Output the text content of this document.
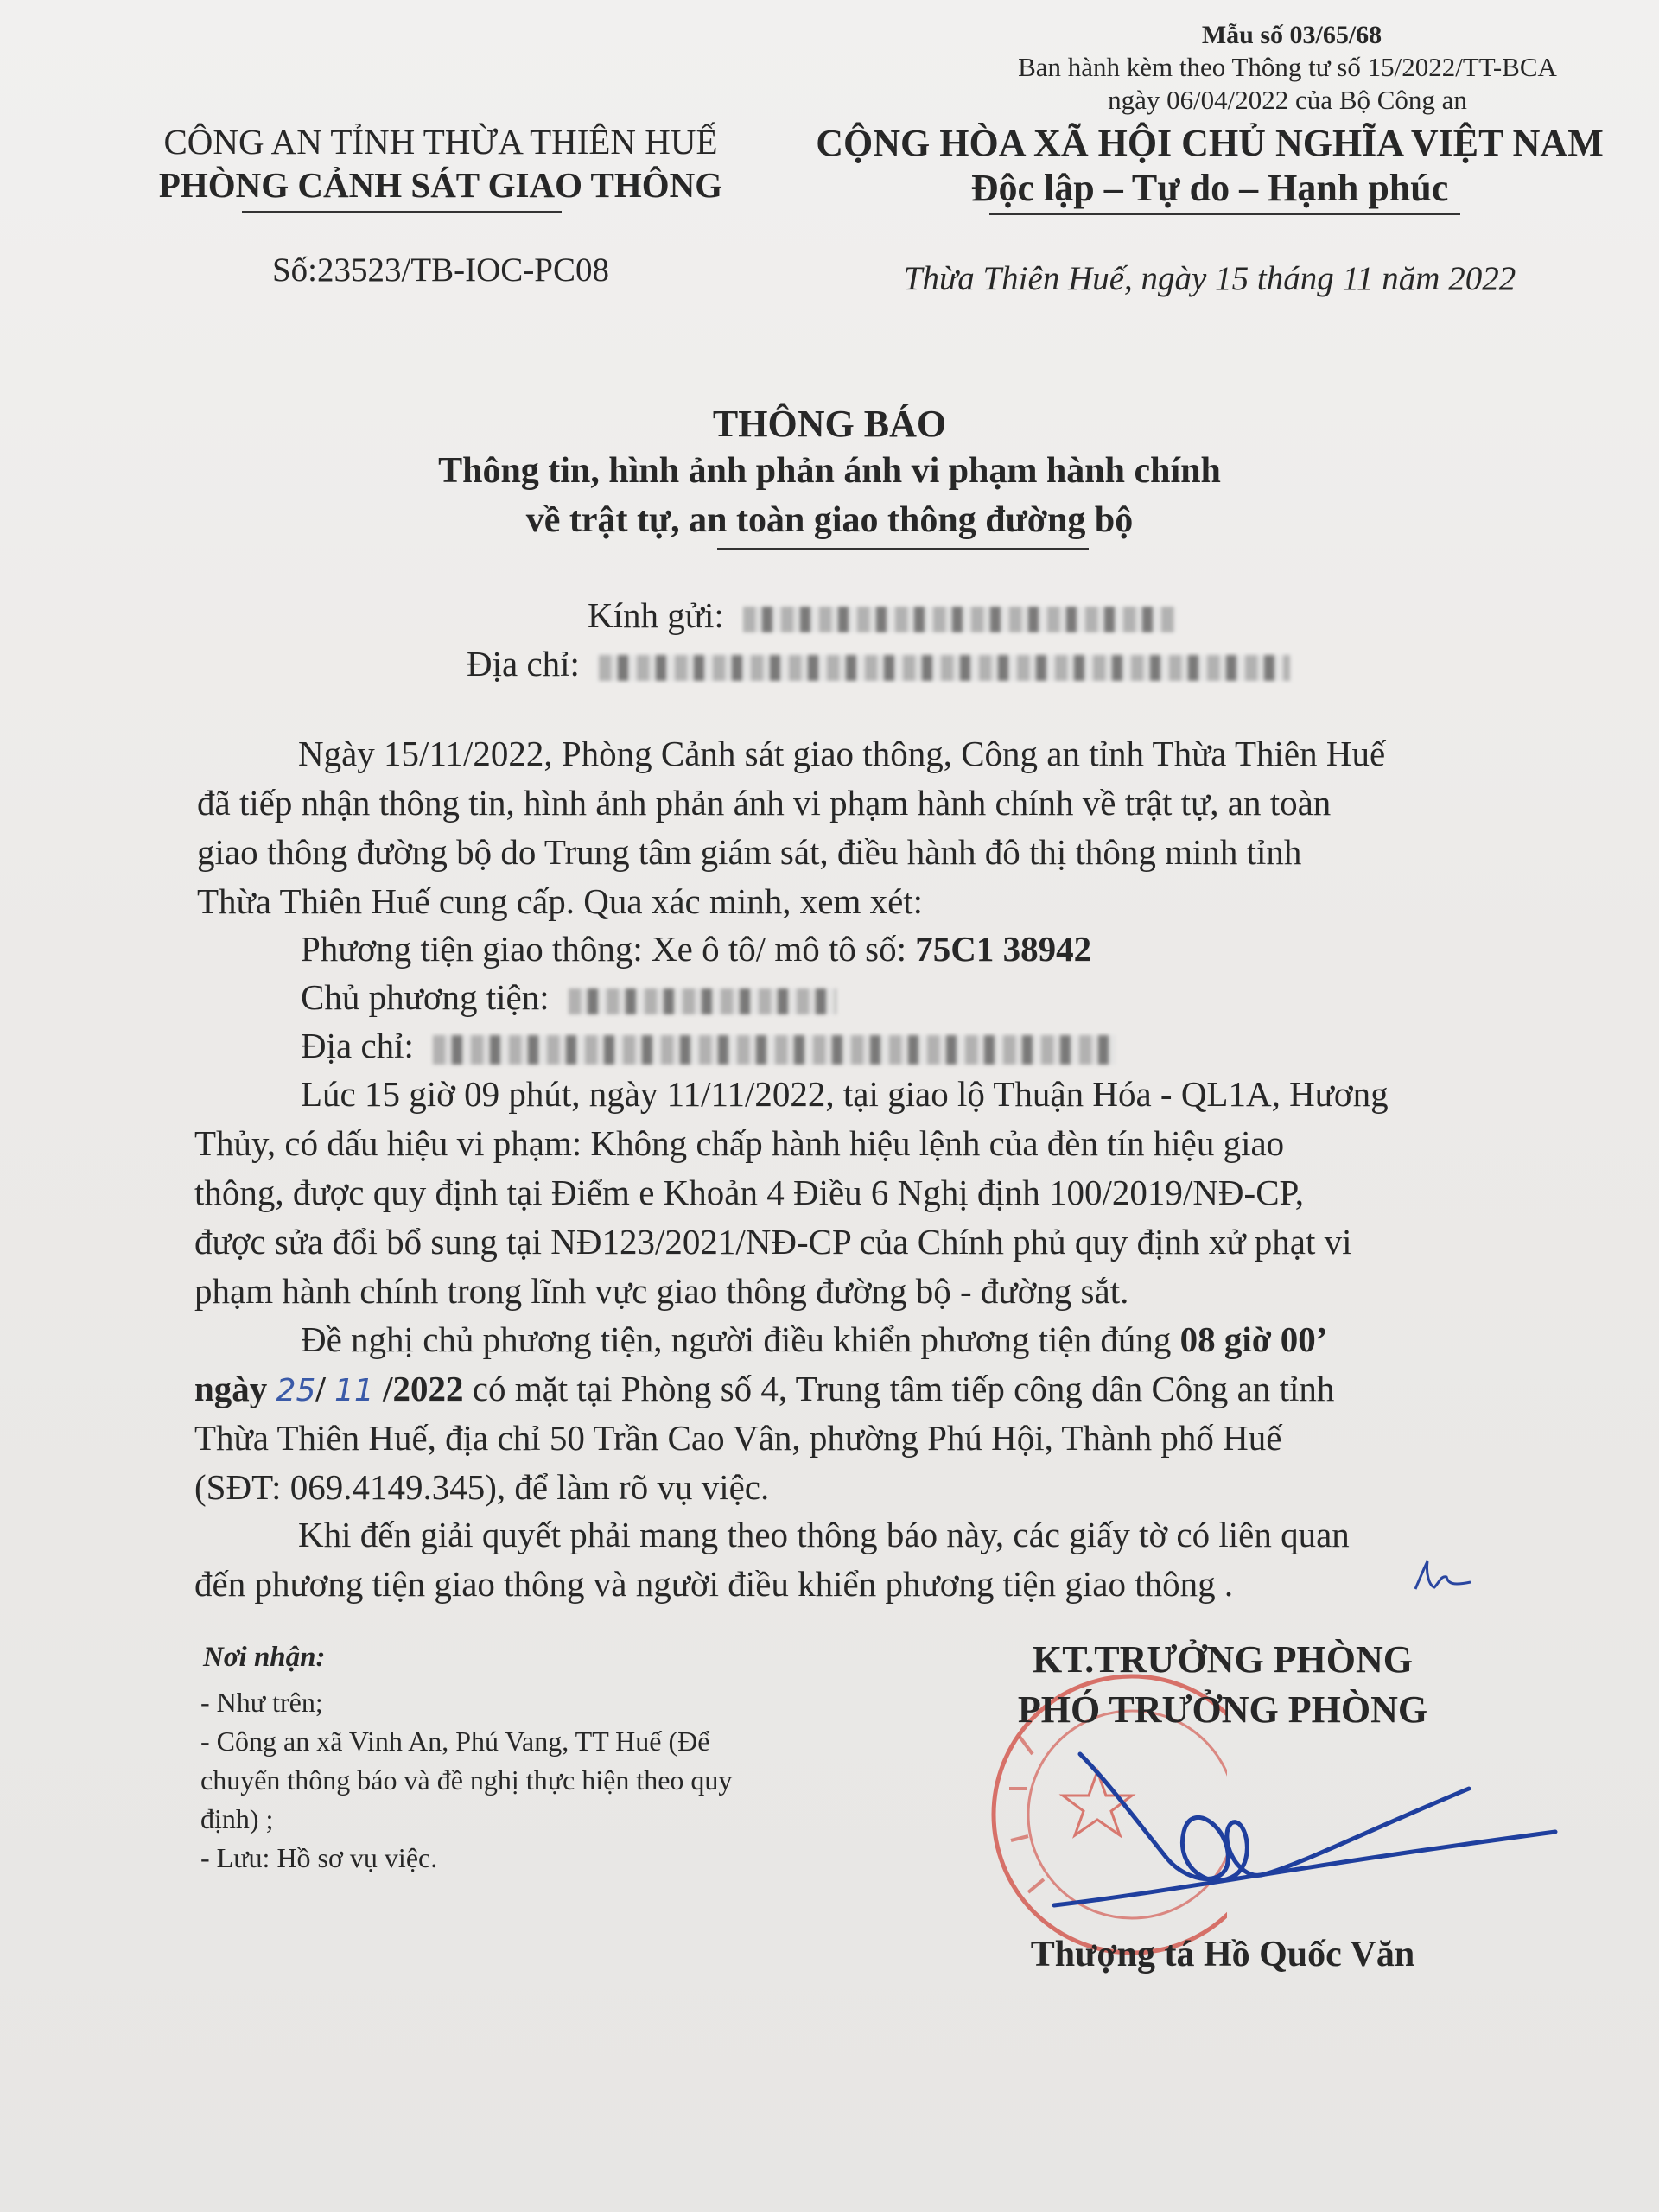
Mẫu số 03/65/68
Ban hành kèm theo Thông tư số 15/2022/TT-BCA
ngày 06/04/2022 của Bộ Công an
CÔNG AN TỈNH THỪA THIÊN HUẾ
PHÒNG CẢNH SÁT GIAO THÔNG
Số:23523/TB-IOC-PC08
CỘNG HÒA XÃ HỘI CHỦ NGHĨA VIỆT NAM
Độc lập – Tự do – Hạnh phúc
Thừa Thiên Huế, ngày 15 tháng 11 năm 2022
THÔNG BÁO
Thông tin, hình ảnh phản ánh vi phạm hành chính
về trật tự, an toàn giao thông đường bộ
Kính gửi:
Địa chỉ:
Ngày 15/11/2022, Phòng Cảnh sát giao thông, Công an tỉnh Thừa Thiên Huế
đã tiếp nhận thông tin, hình ảnh phản ánh vi phạm hành chính về trật tự, an toàn
giao thông đường bộ do Trung tâm giám sát, điều hành đô thị thông minh tỉnh
Thừa Thiên Huế cung cấp. Qua xác minh, xem xét:
Phương tiện giao thông: Xe ô tô/ mô tô số: 75C1 38942
Chủ phương tiện:
Địa chỉ:
Lúc 15 giờ 09 phút, ngày 11/11/2022, tại giao lộ Thuận Hóa - QL1A, Hương
Thủy, có dấu hiệu vi phạm: Không chấp hành hiệu lệnh của đèn tín hiệu giao
thông, được quy định tại Điểm e Khoản 4 Điều 6 Nghị định 100/2019/NĐ-CP,
được sửa đổi bổ sung tại NĐ123/2021/NĐ-CP của Chính phủ quy định xử phạt vi
phạm hành chính trong lĩnh vực giao thông đường bộ - đường sắt.
Đề nghị chủ phương tiện, người điều khiển phương tiện đúng 08 giờ 00’
ngày 25/ 11 /2022 có mặt tại Phòng số 4, Trung tâm tiếp công dân Công an tỉnh
Thừa Thiên Huế, địa chỉ 50 Trần Cao Vân, phường Phú Hội, Thành phố Huế
(SĐT: 069.4149.345), để làm rõ vụ việc.
Khi đến giải quyết phải mang theo thông báo này, các giấy tờ có liên quan
đến phương tiện giao thông và người điều khiển phương tiện giao thông .
Nơi nhận:
- Như trên;
- Công an xã Vinh An, Phú Vang, TT Huế (Để
chuyển thông báo và đề nghị thực hiện theo quy
định) ;
- Lưu: Hồ sơ vụ việc.
KT.TRƯỞNG PHÒNG
PHÓ TRƯỞNG PHÒNG
Thượng tá Hồ Quốc Văn
